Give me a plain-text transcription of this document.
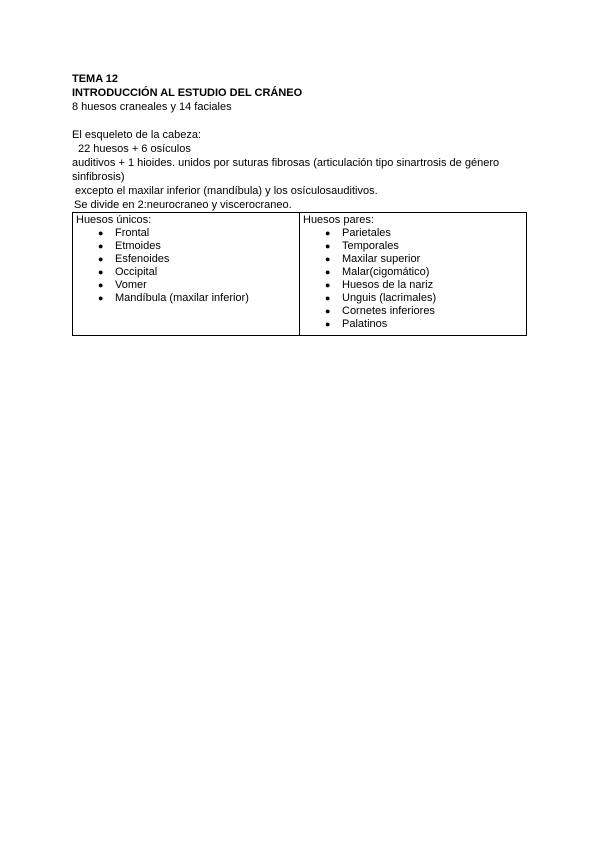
TEMA 12
INTRODUCCIÓN AL ESTUDIO DEL CRÁNEO
8 huesos craneales y 14 faciales
El esqueleto de la cabeza:
22 huesos + 6 osículos
auditivos + 1 hioides. unidos por suturas fibrosas (articulación tipo sinartrosis de género sinfibrosis)
excepto el maxilar inferior (mandíbula) y los osículosauditivos.
Se divide en 2:neurocraneo y viscerocraneo.
Huesos únicos:
● Frontal
● Etmoides
● Esfenoides
● Occipital
● Vomer
● Mandíbula (maxilar inferior)

Huesos pares:
● Parietales
● Temporales
● Maxilar superior
● Malar(cigomático)
● Huesos de la nariz
● Unguis (lacrimales)
● Cornetes inferiores
● Palatinos
